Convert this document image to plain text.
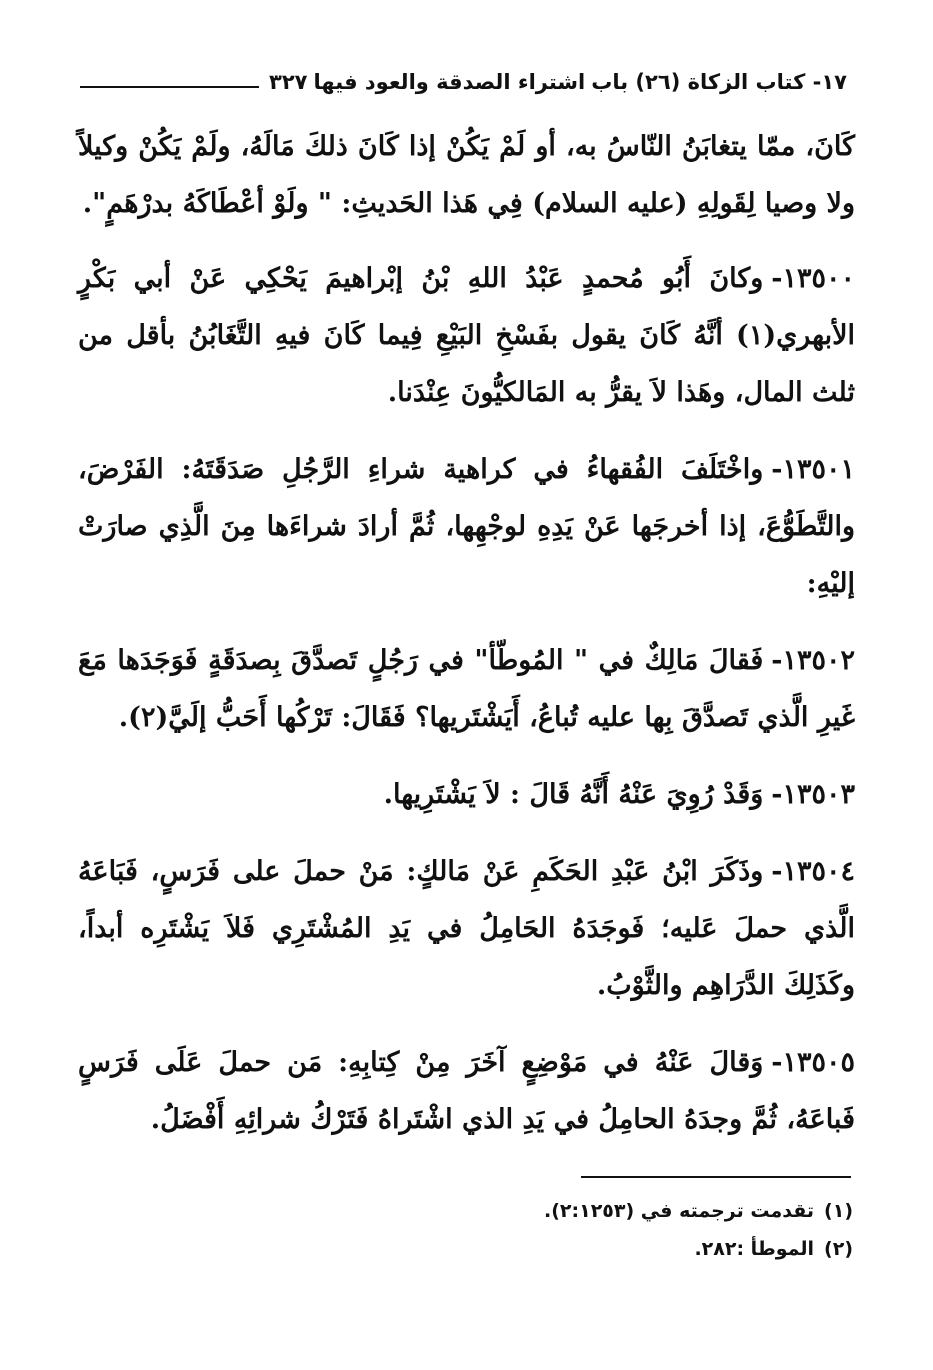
١٧- كتاب الزكاة (٢٦) باب
اشتراء الصدقة والعود فيها
٣٢٧

كَانَ، ممّا يتغابَنُ النّاسُ به، أو لَمْ يَكُنْ إذا كَانَ ذلكَ مَالَهُ، ولَمْ يَكُنْ وكيلاً ولا وصيا لِقَولِهِ (عليه السلام) فِي هَذا الحَديثِ: " ولَوْ أعْطَاكَهُ بدرْهَمٍ".

١٣٥٠٠-وكانَ أَبُو مُحمدٍ عَبْدُ اللهِ بْنُ إبْراهيمَ يَحْكِي عَنْ أبي بَكْرٍ الأبهري(١) أنَّهُ كَانَ يقول بفَسْخِ البَيْعِ فِيما كَانَ فيهِ التَّغَابُنُ بأقل من ثلث المال، وهَذا لاَ يقرُّ به المَالكيُّونَ عِنْدَنا.

١٣٥٠١-واخْتَلَفَ الفُقهاءُ في كراهية شراءِ الرَّجُلِ صَدَقَتَهُ: الفَرْضَ، والتَّطَوُّعَ، إذا أخرجَها عَنْ يَدِهِ لوجْهِها، ثُمَّ أرادَ شراءَها مِنَ الَّذِي صارَتْ إليْهِ:

١٣٥٠٢-فَقالَ مَالِكٌ في " المُوطّأ" في رَجُلٍ تَصدَّقَ بِصدَقَةٍ فَوَجَدَها مَعَ غَيرِ الَّذي تَصدَّقَ بِها عليه تُباعُ، أَيَشْتَريها؟ فَقَالَ: تَرْكُها أَحَبُّ إلَيَّ(٢).

١٣٥٠٣-وَقَدْ رُوِيَ عَنْهُ أَنَّهُ قَالَ : لاَ يَشْتَرِيها.

١٣٥٠٤-وذَكَرَ ابْنُ عَبْدِ الحَكَمِ عَنْ مَالكٍ: مَنْ حملَ على فَرَسٍ، فَبَاعَهُ الَّذي حملَ عَليه؛ فَوجَدَهُ الحَامِلُ في يَدِ المُشْتَرِي فَلاَ يَشْتَرِه أبداً، وكَذَلِكَ الدَّرَاهِم والثَّوْبُ.

١٣٥٠٥-وَقالَ عَنْهُ في مَوْضِعٍ آخَرَ مِنْ كِتابِهِ: مَن حملَ عَلَى فَرَسٍ فَباعَهُ، ثُمَّ وجدَهُ الحامِلُ في يَدِ الذي اشْتَراهُ فَتَرْكُ شرائِهِ أَفْضَلُ.

(١)تقدمت ترجمته في (٢:١٢٥٣).
(٢)الموطأ :٢٨٢.
